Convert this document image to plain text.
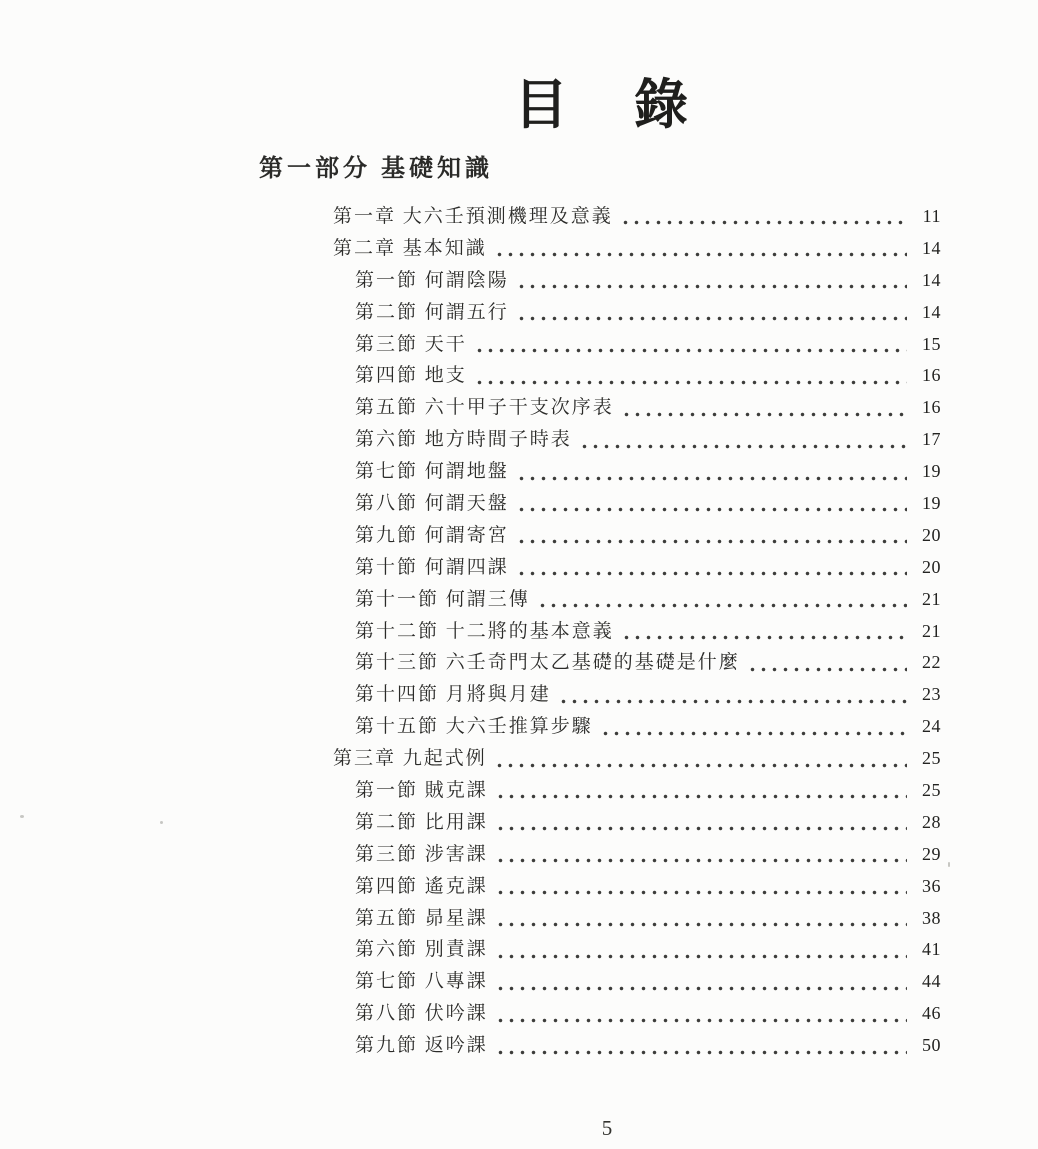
目　錄
第一部分 基礎知識
第一章 大六壬預測機理及意義	11
第二章 基本知識	14
第一節 何謂陰陽	14
第二節 何謂五行	14
第三節 天干	15
第四節 地支	16
第五節 六十甲子干支次序表	16
第六節 地方時間子時表	17
第七節 何謂地盤	19
第八節 何謂天盤	19
第九節 何謂寄宮	20
第十節 何謂四課	20
第十一節 何謂三傳	21
第十二節 十二將的基本意義	21
第十三節 六壬奇門太乙基礎的基礎是什麼	22
第十四節 月將與月建	23
第十五節 大六壬推算步驟	24
第三章 九起式例	25
第一節 賊克課	25
第二節 比用課	28
第三節 涉害課	29
第四節 遙克課	36
第五節 昴星課	38
第六節 別責課	41
第七節 八專課	44
第八節 伏吟課	46
第九節 返吟課	50
5
